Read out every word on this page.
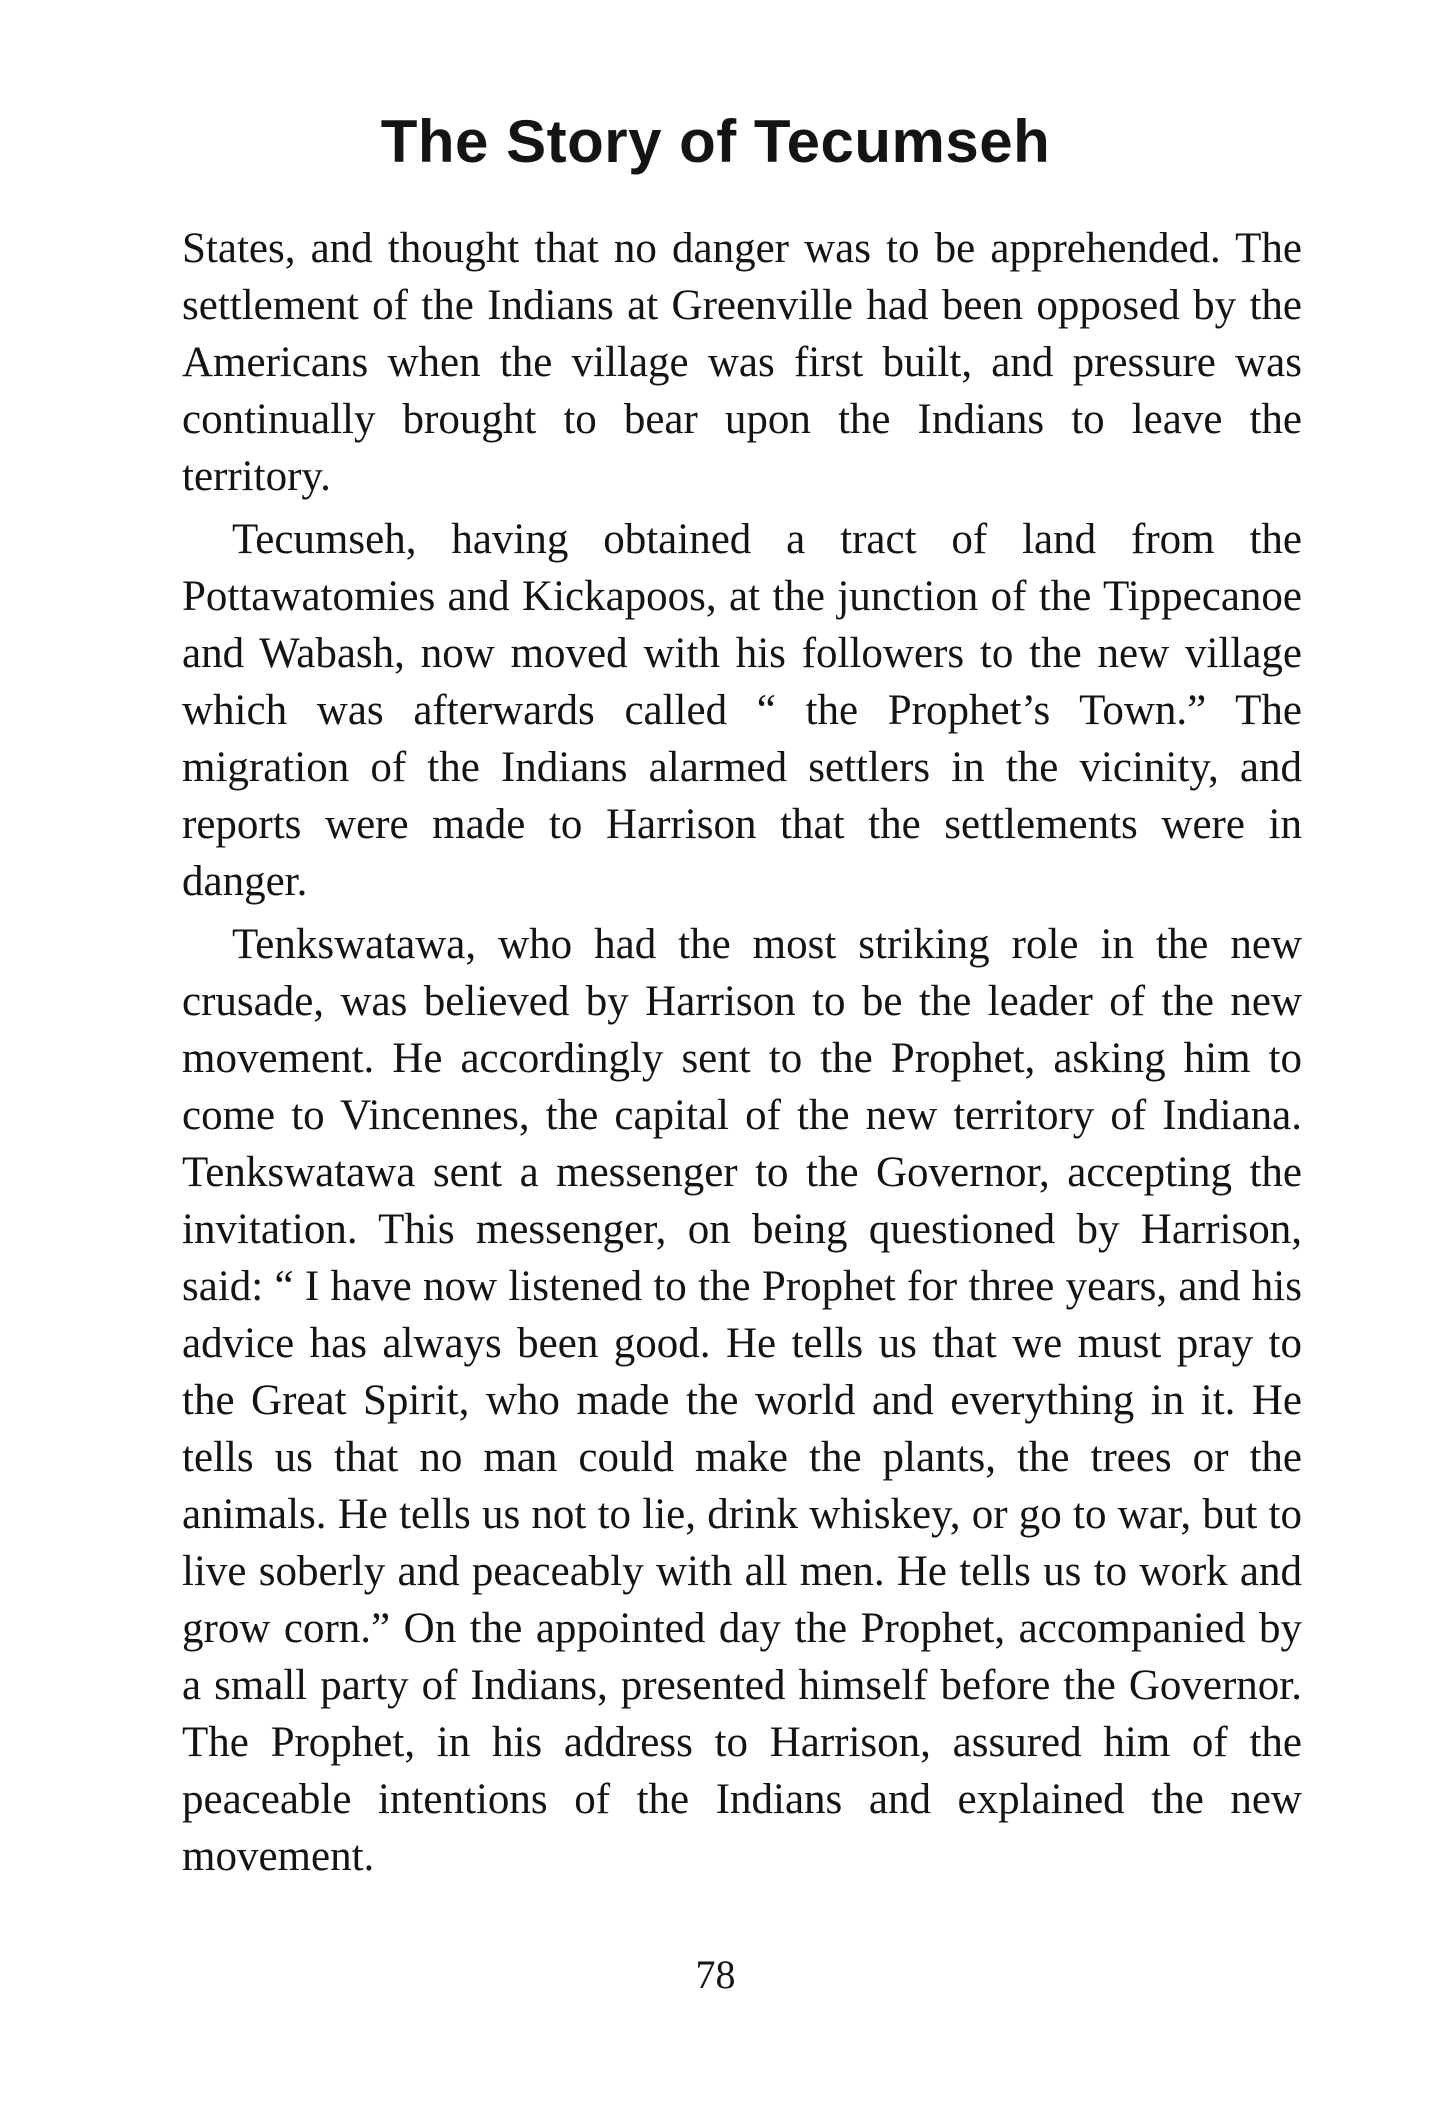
The Story of Tecumseh

States, and thought that no danger was to be apprehended. The settlement of the Indians at Greenville had been opposed by the Americans when the village was first built, and pressure was continually brought to bear upon the Indians to leave the territory.

Tecumseh, having obtained a tract of land from the Pottawatomies and Kickapoos, at the junction of the Tippecanoe and Wabash, now moved with his followers to the new village which was afterwards called “ the Prophet’s Town.” The migration of the Indians alarmed settlers in the vicinity, and reports were made to Harrison that the settlements were in danger.

Tenkswatawa, who had the most striking role in the new crusade, was believed by Harrison to be the leader of the new movement. He accordingly sent to the Prophet, asking him to come to Vincennes, the capital of the new territory of Indiana. Tenkswatawa sent a messenger to the Governor, accepting the invitation. This messenger, on being questioned by Harrison, said: “ I have now listened to the Prophet for three years, and his advice has always been good. He tells us that we must pray to the Great Spirit, who made the world and everything in it. He tells us that no man could make the plants, the trees or the animals. He tells us not to lie, drink whiskey, or go to war, but to live soberly and peaceably with all men. He tells us to work and grow corn.” On the appointed day the Prophet, accompanied by a small party of Indians, presented himself before the Governor. The Prophet, in his address to Harrison, assured him of the peaceable intentions of the Indians and explained the new movement.

78
